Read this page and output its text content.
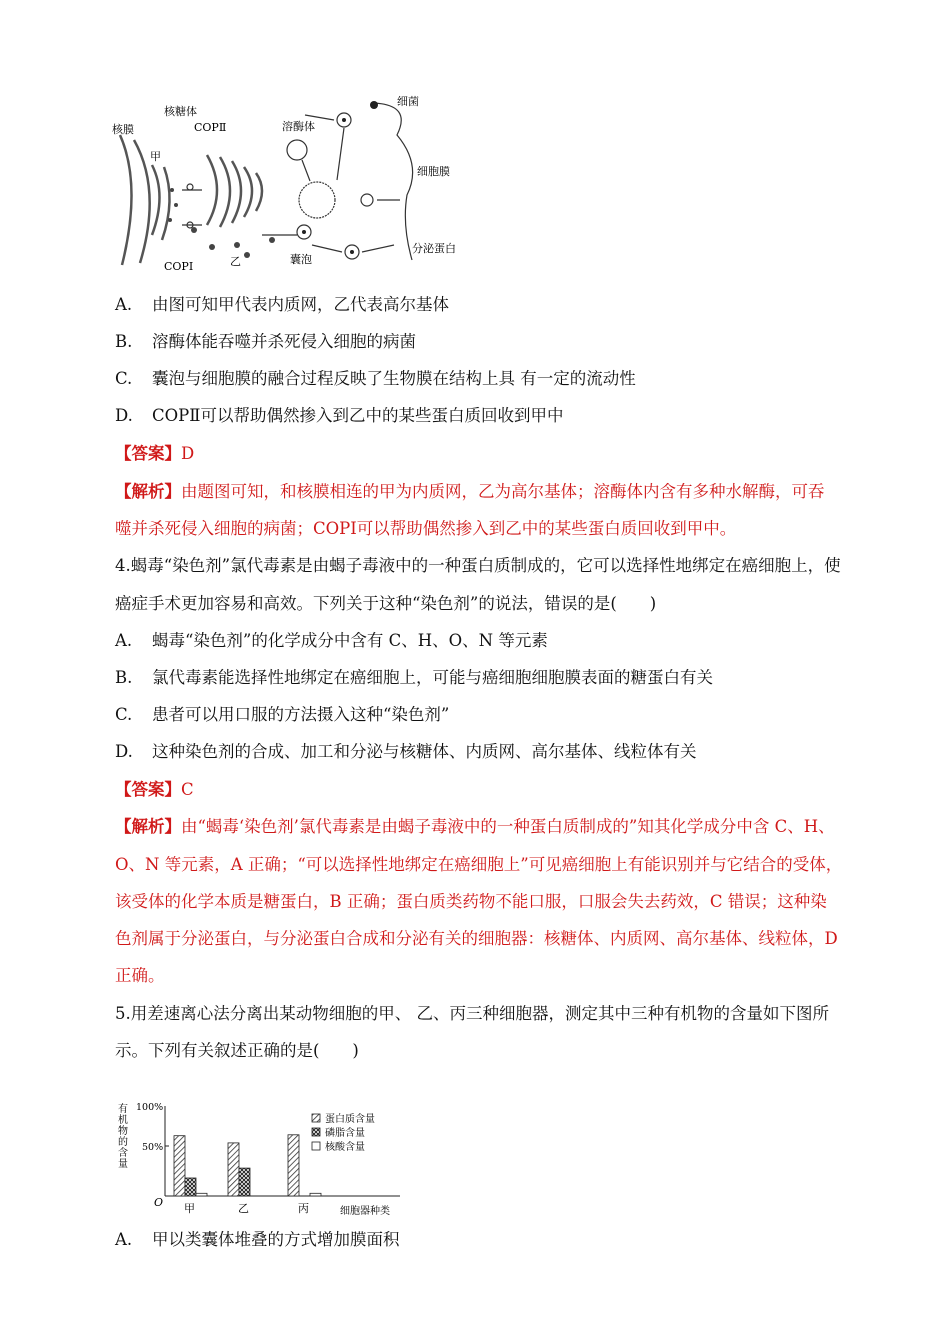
核膜
核糖体
COPⅡ
甲
溶酶体
细菌
细胞膜
COPⅠ	乙	囊泡
分泌蛋白
A. 由图可知甲代表内质网，乙代表高尔基体
B. 溶酶体能吞噬并杀死侵入细胞的病菌
C. 囊泡与细胞膜的融合过程反映了生物膜在结构上具 有一定的流动性
D. COPⅡ可以帮助偶然掺入到乙中的某些蛋白质回收到甲中
【答案】D
【解析】由题图可知，和核膜相连的甲为内质网，乙为高尔基体；溶酶体内含有多种水解酶，可吞
噬并杀死侵入细胞的病菌；COPⅠ可以帮助偶然掺入到乙中的某些蛋白质回收到甲中。
4.蝎毒“染色剂”氯代毒素是由蝎子毒液中的一种蛋白质制成的，它可以选择性地绑定在癌细胞上，使
癌症手术更加容易和高效。下列关于这种“染色剂”的说法，错误的是(　　)
A. 蝎毒“染色剂”的化学成分中含有 C、H、O、N 等元素
B. 氯代毒素能选择性地绑定在癌细胞上，可能与癌细胞细胞膜表面的糖蛋白有关
C. 患者可以用口服的方法摄入这种“染色剂”
D. 这种染色剂的合成、加工和分泌与核糖体、内质网、高尔基体、线粒体有关
【答案】C
【解析】由“蝎毒‘染色剂’氯代毒素是由蝎子毒液中的一种蛋白质制成的”知其化学成分中含 C、H、
O、N 等元素，A 正确；“可以选择性地绑定在癌细胞上”可见癌细胞上有能识别并与它结合的受体，
该受体的化学本质是糖蛋白，B 正确；蛋白质类药物不能口服，口服会失去药效，C 错误；这种染
色剂属于分泌蛋白，与分泌蛋白合成和分泌有关的细胞器：核糖体、内质网、高尔基体、线粒体，D
正确。
5.用差速离心法分离出某动物细胞的甲、 乙、丙三种细胞器，测定其中三种有机物的含量如下图所
示。下列有关叙述正确的是(　　)
有
机
物
的
含
量
100%
50%
O
细胞器种类
甲	乙	丙
蛋白质含量
磷脂含量
核酸含量
A. 甲以类囊体堆叠的方式增加膜面积
